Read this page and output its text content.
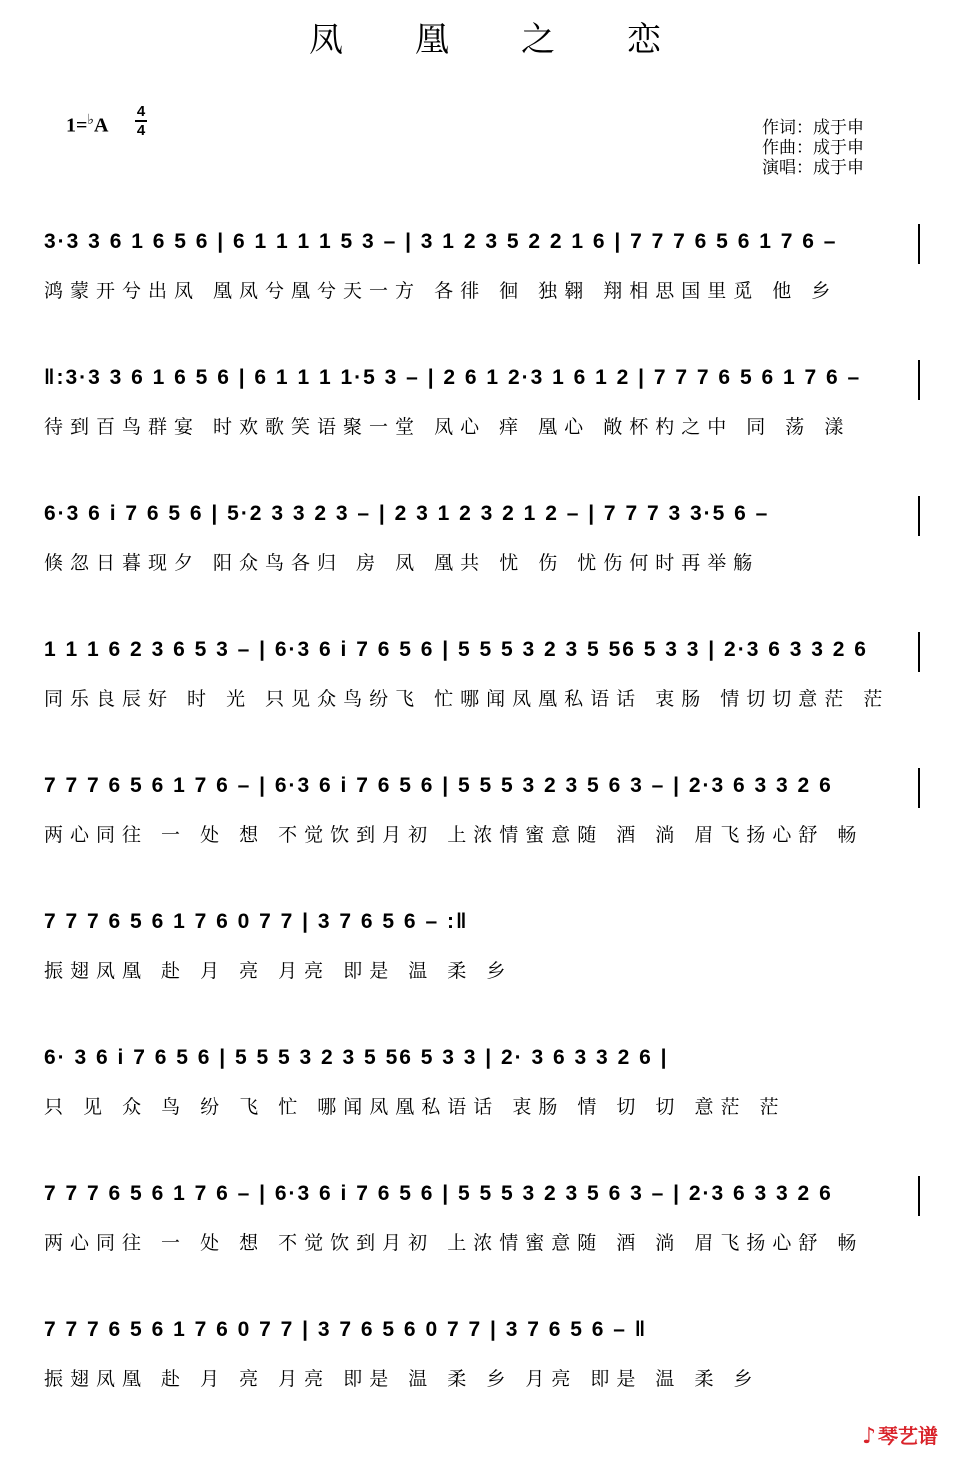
凤 凰 之 恋
1=♭A
4
4	作词：成于申
作曲：成于申
演唱：成于申
3·3 3 6 1 6 5 6 | 6 1 1 1 1 5 3 – | 3 1 2 3 5 2 2 1 6 | 7 7 7 6 5 6 1 7 6 –
鸿蒙开兮出凤 凰凤兮凰兮天一方 各徘 徊 独翱 翔相思国里觅 他 乡
‖:3·3 3 6 1 6 5 6 | 6 1 1 1 1·5 3 – | 2 6 1 2·3 1 6 1 2 | 7 7 7 6 5 6 1 7 6 –
待到百鸟群宴 时欢歌笑语聚一堂 凤心 痒 凰心 敞杯杓之中 同 荡 漾
6·3 6 i 7 6 5 6 | 5·2 3 3 2 3 – | 2 3 1 2 3 2 1 2 – | 7 7 7 3 3·5 6 –
倏忽日暮现夕 阳众鸟各归 房 凤 凰共 忧 伤 忧伤何时再举觞
1 1 1 6 2 3 6 5 3 – | 6·3 6 i 7 6 5 6 | 5 5 5 3 2 3 5 56 5 3 3 | 2·3 6 3 3 2 6
同乐良辰好 时 光 只见众鸟纷飞 忙哪闻凤凰私语话 衷肠 情切切意茫 茫
7 7 7 6 5 6 1 7 6 – | 6·3 6 i 7 6 5 6 | 5 5 5 3 2 3 5 6 3 – | 2·3 6 3 3 2 6
两心同往 一 处 想 不觉饮到月初 上浓情蜜意随 酒 淌 眉飞扬心舒 畅
7 7 7 6 5 6 1 7 6 0 7 7 | 3 7 6 5 6 – :‖
振翅凤凰 赴 月 亮 月亮 即是 温 柔 乡
6· 3 6 i 7 6 5 6 | 5 5 5 3 2 3 5 56 5 3 3 | 2· 3 6 3 3 2 6 |
只 见 众 鸟 纷 飞 忙 哪闻凤凰私语话 衷肠 情 切 切 意茫 茫
7 7 7 6 5 6 1 7 6 – | 6·3 6 i 7 6 5 6 | 5 5 5 3 2 3 5 6 3 – | 2·3 6 3 3 2 6
两心同往 一 处 想 不觉饮到月初 上浓情蜜意随 酒 淌 眉飞扬心舒 畅
7 7 7 6 5 6 1 7 6 0 7 7 | 3 7 6 5 6 0 7 7 | 3 7 6 5 6 – ‖
振翅凤凰 赴 月 亮 月亮 即是 温 柔 乡 月亮 即是 温 柔 乡
♪ 琴艺谱
